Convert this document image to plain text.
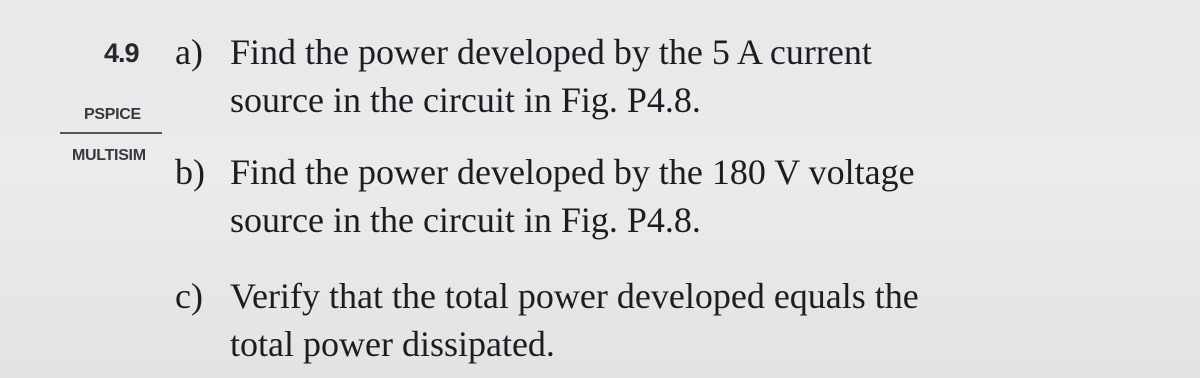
4.9
PSPICE
MULTISIM
a) Find the power developed by the 5 A current
source in the circuit in Fig. P4.8.
b) Find the power developed by the 180 V voltage
source in the circuit in Fig. P4.8.
c) Verify that the total power developed equals the
total power dissipated.
